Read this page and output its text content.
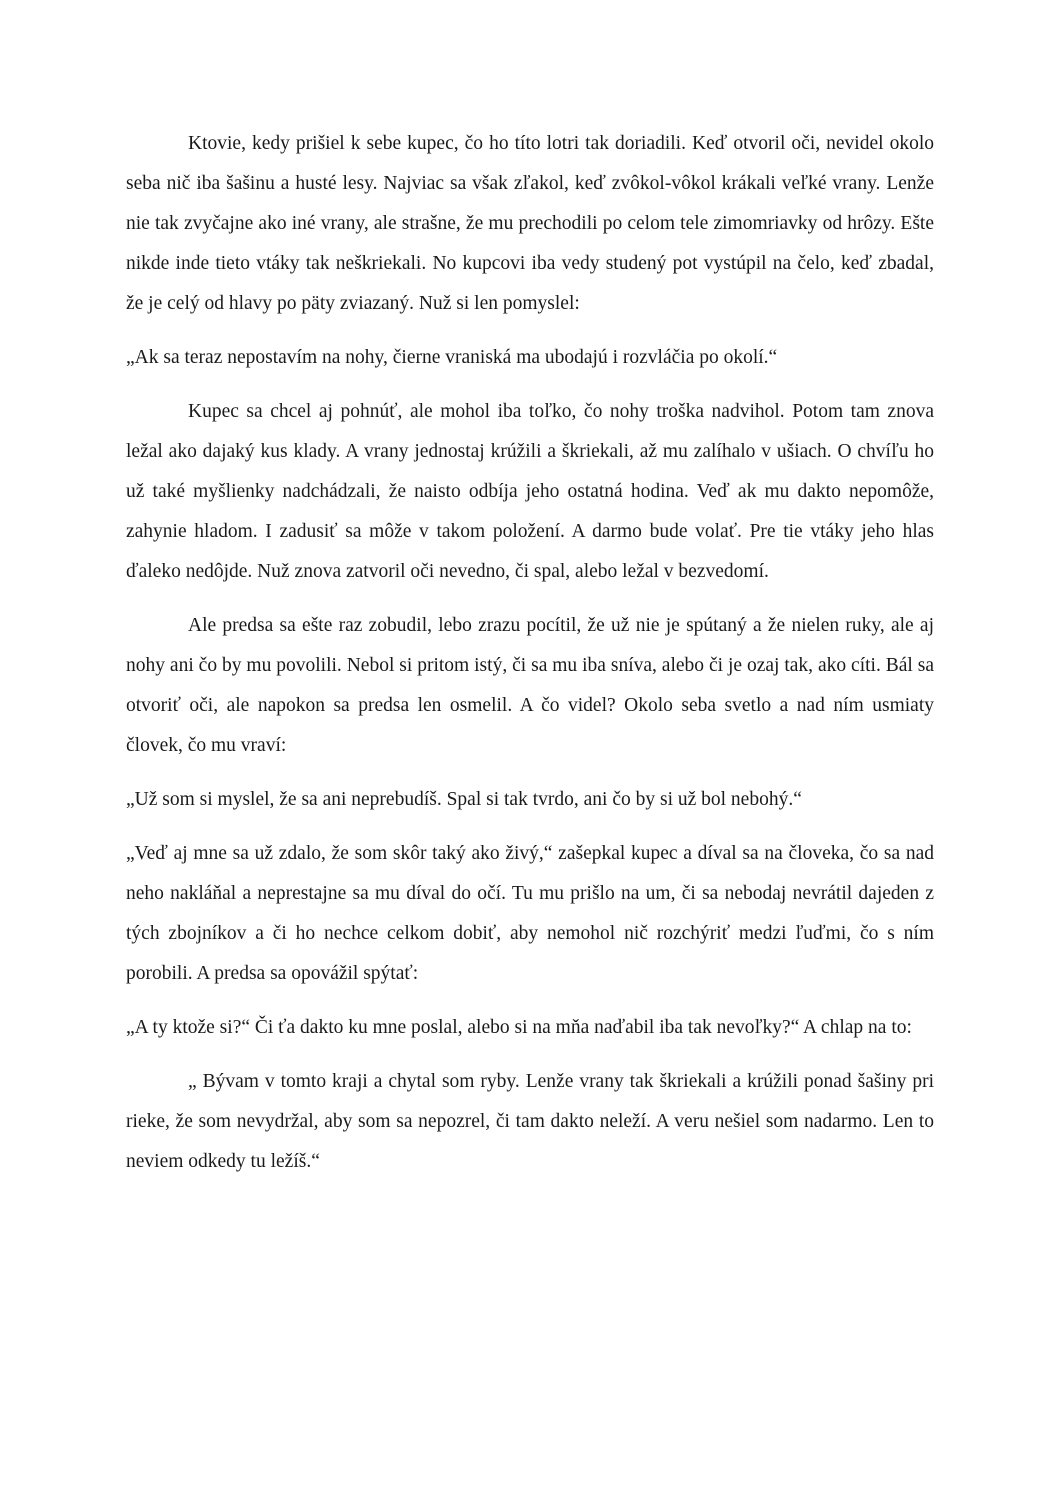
Ktovie, kedy prišiel k sebe kupec, čo ho títo lotri tak doriadili. Keď otvoril oči, nevidel okolo seba nič iba šašinu a husté lesy. Najviac sa však zľakol, keď zvôkol-vôkol krákali veľké vrany. Lenže nie tak zvyčajne ako iné vrany, ale strašne, že mu prechodili po celom tele zimomriavky od hrôzy. Ešte nikde inde tieto vtáky tak neškriekali. No kupcovi iba vedy studený pot vystúpil na čelo, keď zbadal, že je celý od hlavy po päty zviazaný. Nuž si len pomyslel:

„Ak sa teraz nepostavím na nohy, čierne vraniská ma ubodajú i rozvláčia po okolí.“

Kupec sa chcel aj pohnúť, ale mohol iba toľko, čo nohy troška nadvihol. Potom tam znova ležal ako dajaký kus klady. A vrany jednostaj krúžili a škriekali, až mu zalíhalo v ušiach. O chvíľu ho už také myšlienky nadchádzali, že naisto odbíja jeho ostatná hodina. Veď ak mu dakto nepomôže, zahynie hladom. I zadusiť sa môže v takom položení. A darmo bude volať. Pre tie vtáky jeho hlas ďaleko nedôjde. Nuž znova zatvoril oči nevedno, či spal, alebo ležal v bezvedomí.

Ale predsa sa ešte raz zobudil, lebo zrazu pocítil, že už nie je spútaný a že nielen ruky, ale aj nohy ani čo by mu povolili. Nebol si pritom istý, či sa mu iba sníva, alebo či je ozaj tak, ako cíti. Bál sa otvoriť oči, ale napokon sa predsa len osmelil. A čo videl? Okolo seba svetlo a nad ním usmiaty človek, čo mu vraví:

„Už som si myslel, že sa ani neprebudíš. Spal si tak tvrdo, ani čo by si už bol nebohý.“

„Veď aj mne sa už zdalo, že som skôr taký ako živý,“ zašepkal kupec a díval sa na človeka, čo sa nad neho nakláňal a neprestajne sa mu díval do očí. Tu mu prišlo na um, či sa nebodaj nevrátil dajeden z tých zbojníkov a či ho nechce celkom dobiť, aby nemohol nič rozchýriť medzi ľuďmi, čo s ním porobili. A predsa sa opovážil spýtať:

„A ty ktože si?“ Či ťa dakto ku mne poslal, alebo si na mňa naďabil iba tak nevoľky?“ A chlap na to:

„ Bývam v tomto kraji a chytal som ryby. Lenže vrany tak škriekali a krúžili ponad šašiny pri rieke, že som nevydržal, aby som sa nepozrel, či tam dakto neleží. A veru nešiel som nadarmo. Len to neviem odkedy tu ležíš.“
